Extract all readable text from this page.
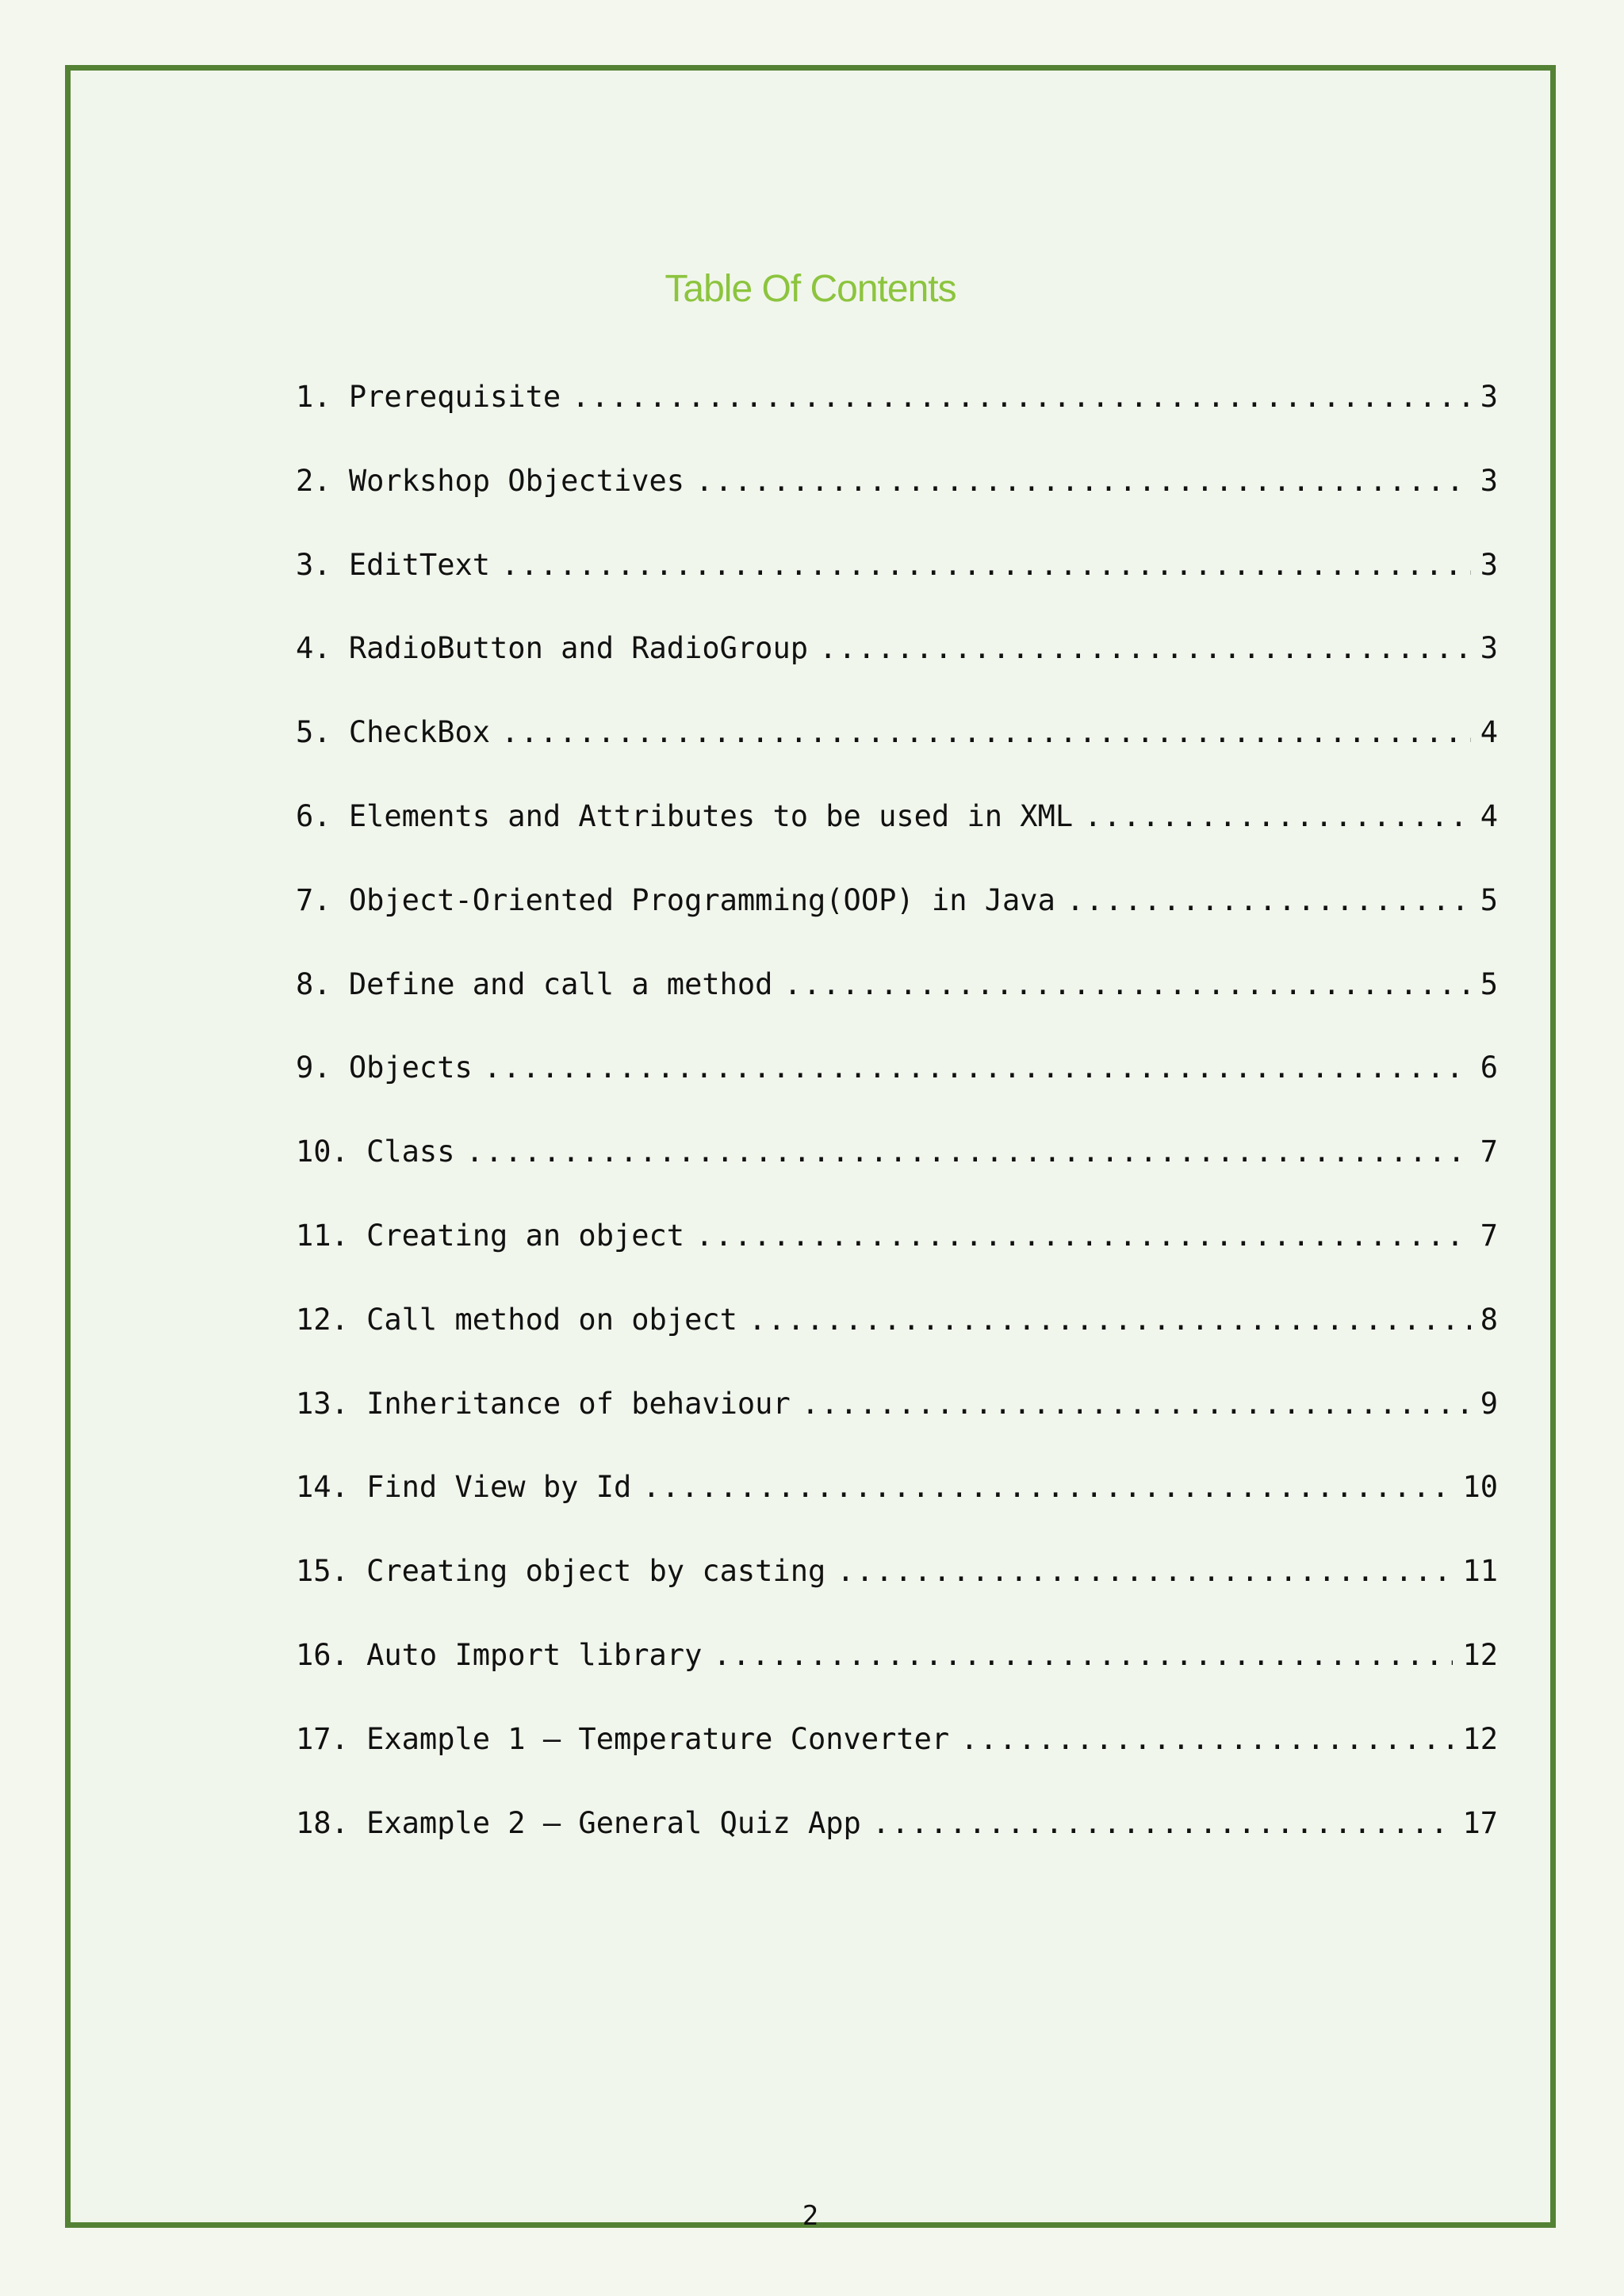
Table Of Contents
1. Prerequisite .....	3
2. Workshop Objectives .....	3
3. EditText .....	3
4. RadioButton and RadioGroup .....	3
5. CheckBox .....	4
6. Elements and Attributes to be used in XML .....	4
7. Object-Oriented Programming(OOP) in Java .....	5
8. Define and call a method .....	5
9. Objects .....	6
10. Class .....	7
11. Creating an object .....	7
12. Call method on object .....	8
13. Inheritance of behaviour .....	9
14. Find View by Id .....	10
15. Creating object by casting .....	11
16. Auto Import library .....	12
17. Example 1 – Temperature Converter .....	12
18. Example 2 – General Quiz App .....	17
2
